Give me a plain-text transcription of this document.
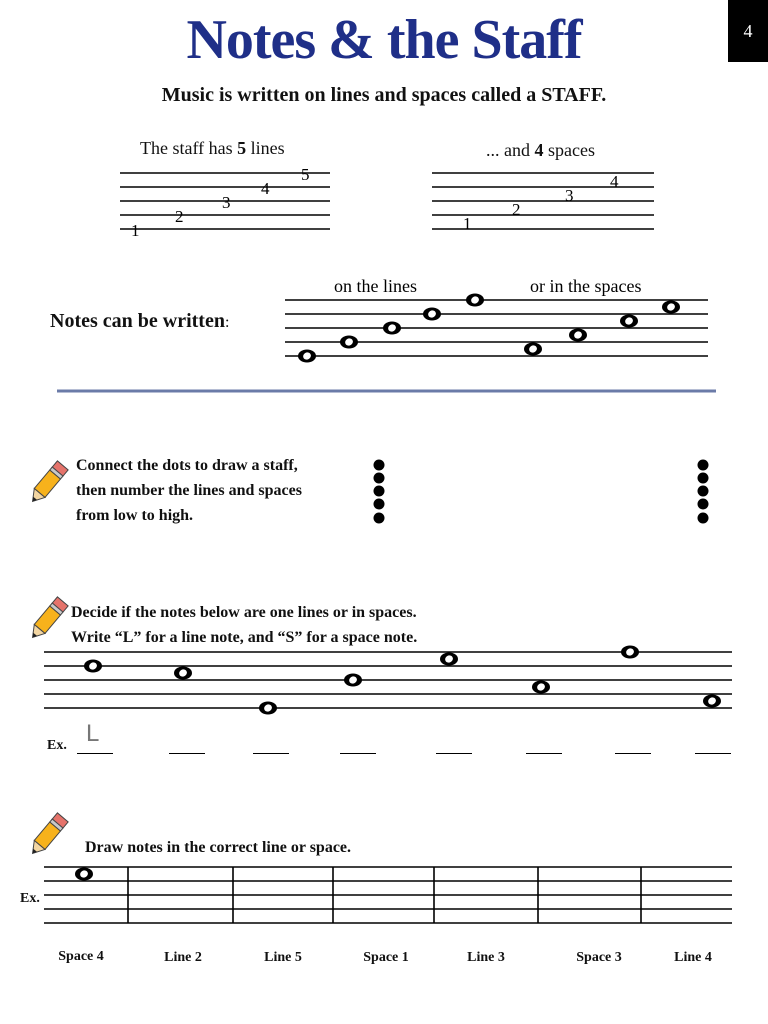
4
Notes & the Staff
Music is written on lines and spaces called a STAFF.
The staff has 5 lines	... and 4 spaces
1
2
3
4
5
1
2
3
4
on the lines	or in the spaces
Notes can be written:
Connect the dots to draw a staff,
then number the lines and spaces
from low to high.
Decide if the notes below are one lines or in spaces.
Write “L” for a line note, and “S” for a space note.
Ex. L
Draw notes in the correct line or space.
Ex.
Space 4	Line 2	Line 5	Space 1	Line 3	Space 3	Line 4
